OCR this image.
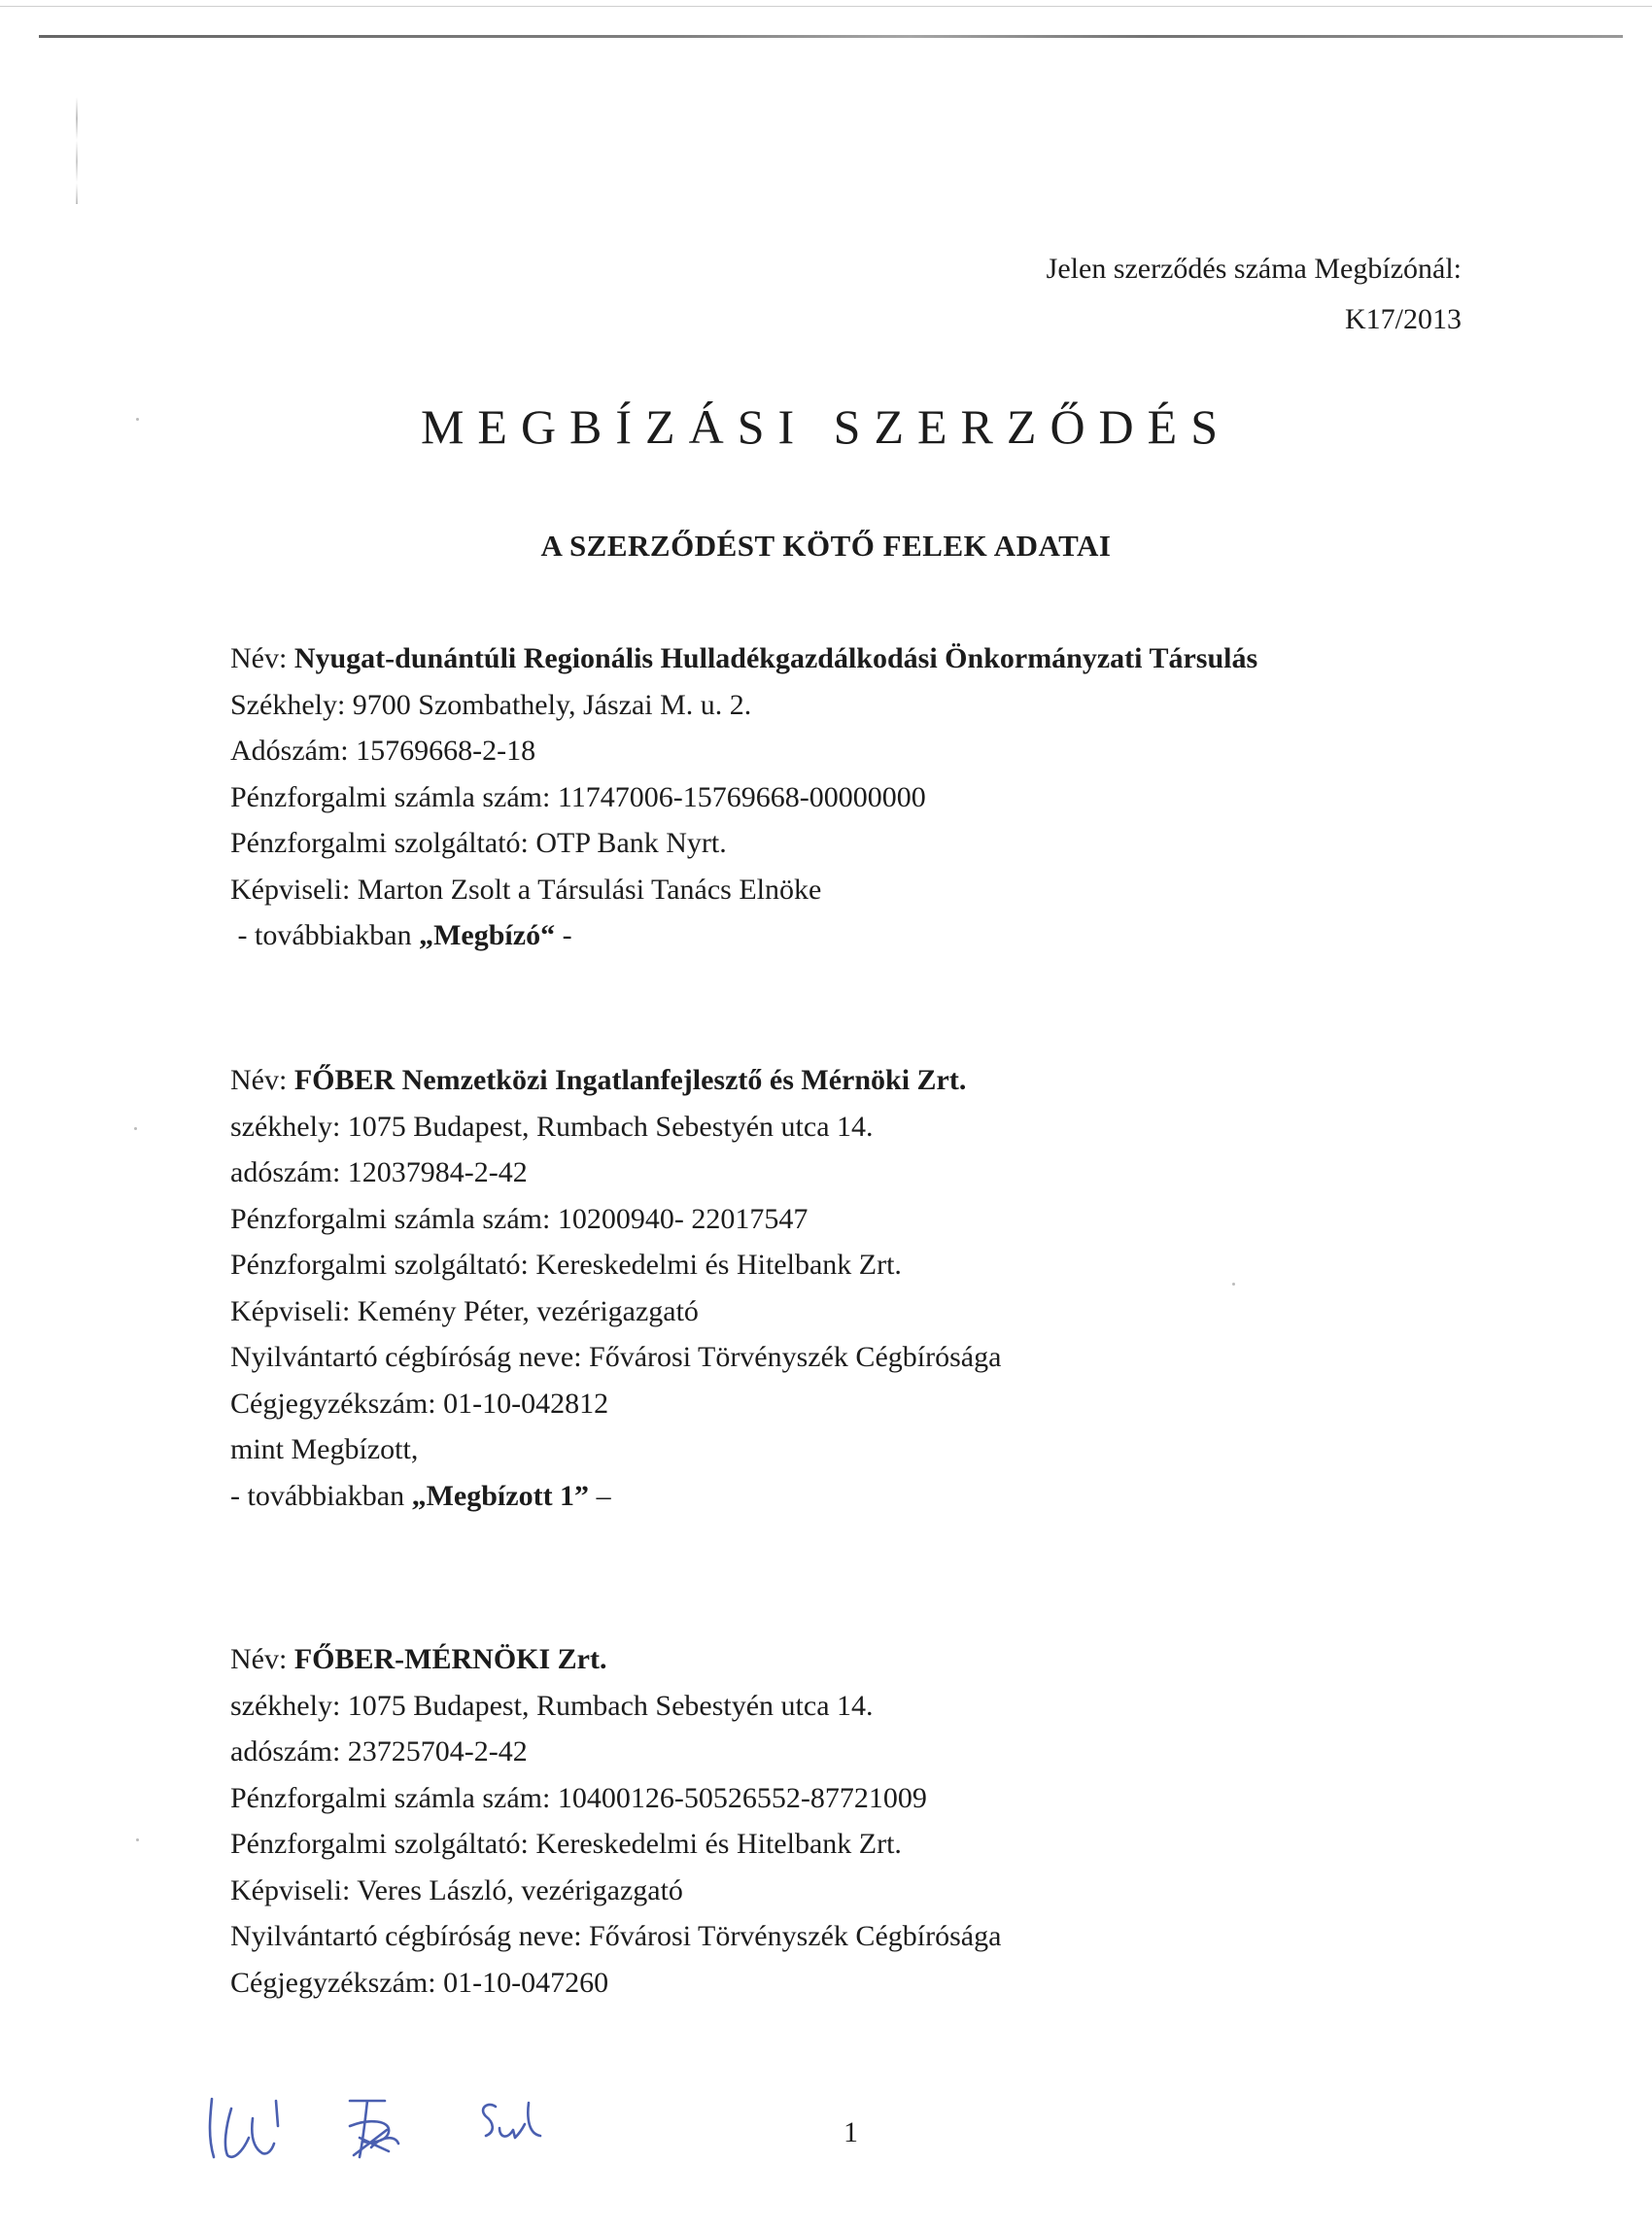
Jelen szerződés száma Megbízónál:
K17/2013
MEGBÍZÁSI SZERZŐDÉS
A SZERZŐDÉST KÖTŐ FELEK ADATAI
Név: Nyugat-dunántúli Regionális Hulladékgazdálkodási Önkormányzati Társulás
Székhely: 9700 Szombathely, Jászai M. u. 2.
Adószám: 15769668-2-18
Pénzforgalmi számla szám: 11747006-15769668-00000000
Pénzforgalmi szolgáltató: OTP Bank Nyrt.
Képviseli: Marton Zsolt a Társulási Tanács Elnöke
- továbbiakban „Megbízó“ -
Név: FŐBER Nemzetközi Ingatlanfejlesztő és Mérnöki Zrt.
székhely: 1075 Budapest, Rumbach Sebestyén utca 14.
adószám: 12037984-2-42
Pénzforgalmi számla szám: 10200940- 22017547
Pénzforgalmi szolgáltató: Kereskedelmi és Hitelbank Zrt.
Képviseli: Kemény Péter, vezérigazgató
Nyilvántartó cégbíróság neve: Fővárosi Törvényszék Cégbírósága
Cégjegyzékszám: 01-10-042812
mint Megbízott,
- továbbiakban „Megbízott 1” –
Név: FŐBER-MÉRNÖKI Zrt.
székhely: 1075 Budapest, Rumbach Sebestyén utca 14.
adószám: 23725704-2-42
Pénzforgalmi számla szám: 10400126-50526552-87721009
Pénzforgalmi szolgáltató: Kereskedelmi és Hitelbank Zrt.
Képviseli: Veres László, vezérigazgató
Nyilvántartó cégbíróság neve: Fővárosi Törvényszék Cégbírósága
Cégjegyzékszám: 01-10-047260
1
